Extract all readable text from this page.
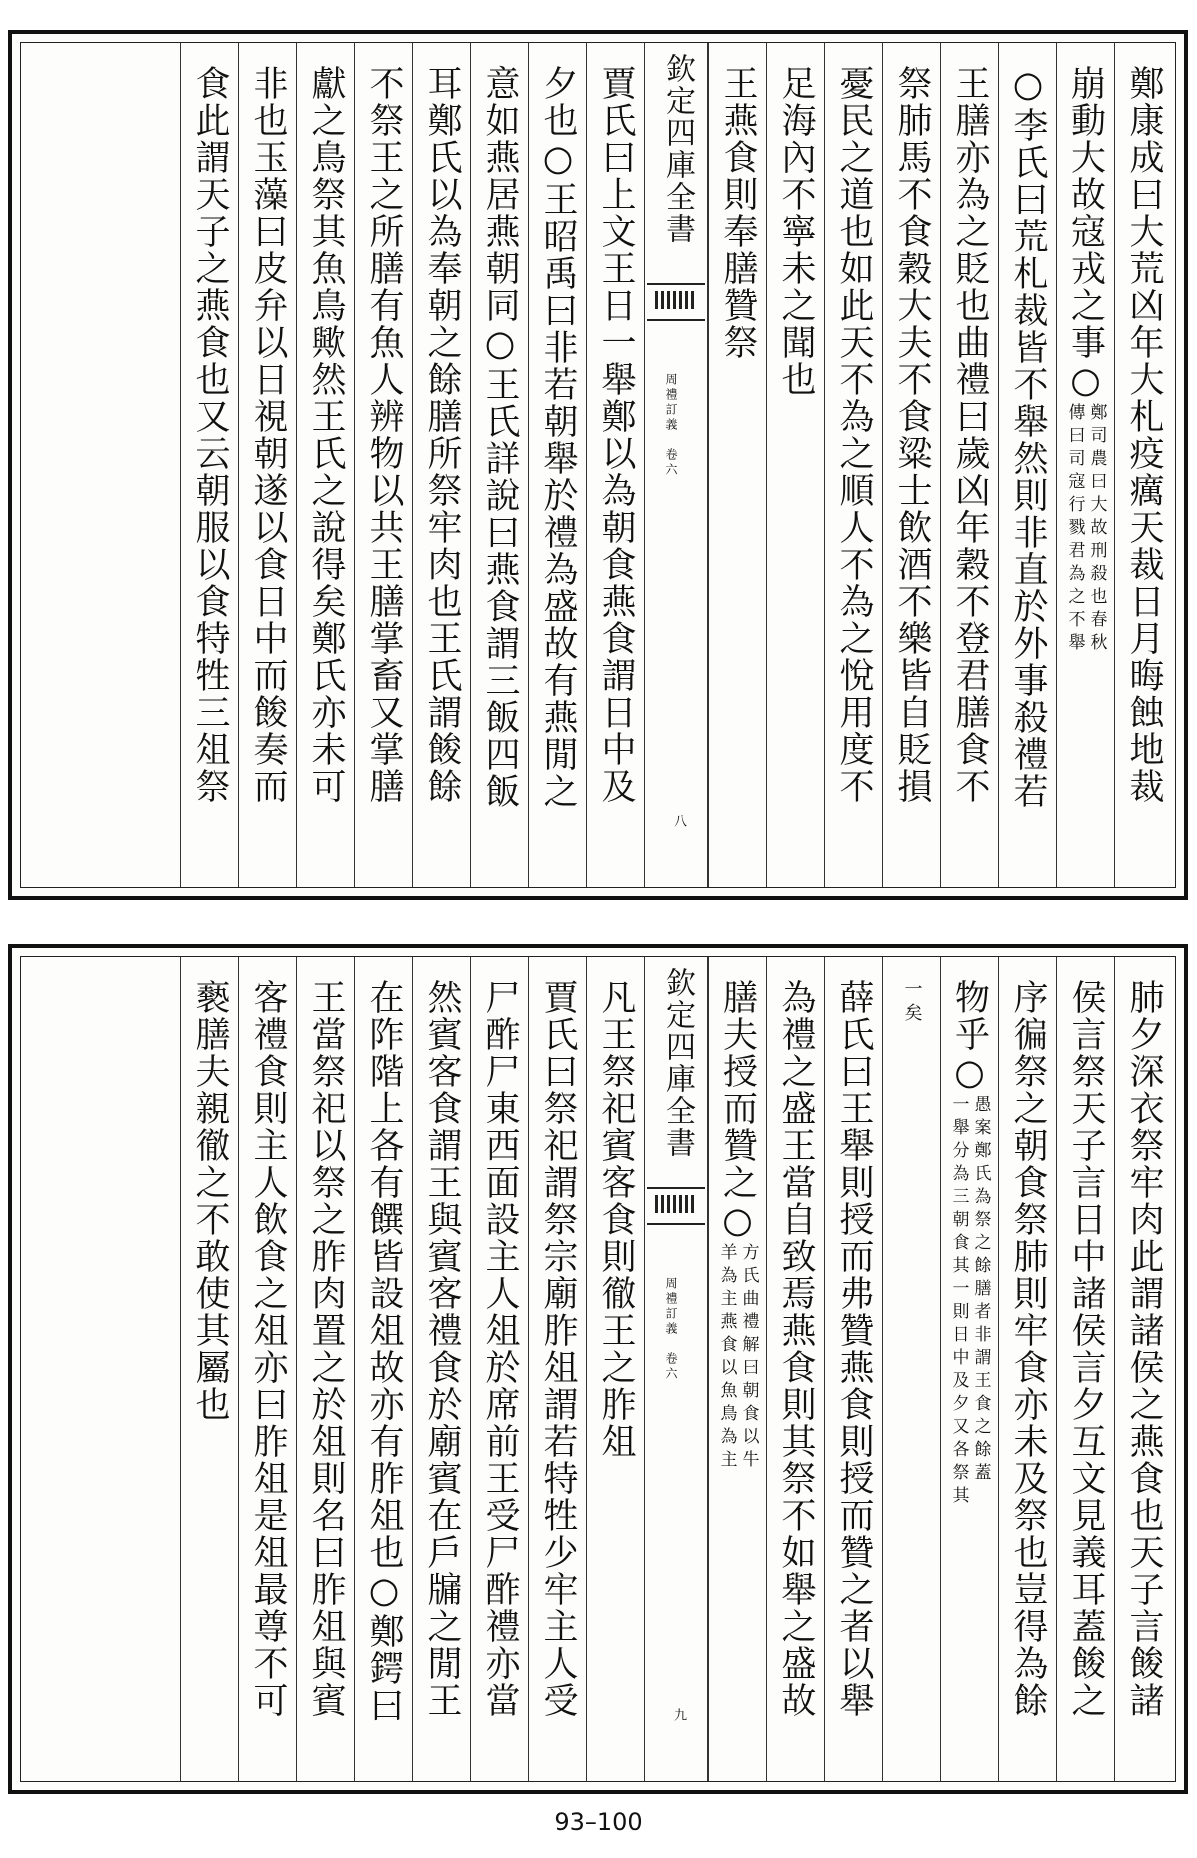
鄭康成曰大荒凶年大札疫癘天裁日月晦蝕地裁
崩動大故寇戎之事○
鄭司農曰大故刑殺也春秋
傳曰司寇行戮君為之不舉
○李氏曰荒札裁皆不舉然則非直於外事殺禮若
王膳亦為之貶也曲禮曰歲凶年穀不登君膳食不
祭肺馬不食穀大夫不食粱士飲酒不樂皆自貶損
憂民之道也如此天不為之順人不為之悅用度不
足海內不寧未之聞也
王燕食則奉膳贊祭
欽定四庫全書
周禮訂義　卷六
八
賈氏曰上文王日一舉鄭以為朝食燕食謂日中及
夕也○王昭禹曰非若朝舉於禮為盛故有燕閒之
意如燕居燕朝同○王氏詳說曰燕食謂三飯四飯
耳鄭氏以為奉朝之餘膳所祭牢肉也王氏謂餕餘
不祭王之所膳有魚人辨物以共王膳掌畜又掌膳
獻之鳥祭其魚鳥歟然王氏之說得矣鄭氏亦未可
非也玉藻曰皮弁以日視朝遂以食日中而餕奏而
食此謂天子之燕食也又云朝服以食特牲三俎祭
肺夕深衣祭牢肉此謂諸侯之燕食也天子言餕諸
侯言祭天子言日中諸侯言夕互文見義耳蓋餕之
序徧祭之朝食祭肺則牢食亦未及祭也豈得為餘
物乎○
愚案鄭氏為祭之餘膳者非謂王食之餘蓋
一舉分為三朝食其一則日中及夕又各祭其
一矣
薛氏曰王舉則授而弗贊燕食則授而贊之者以舉
為禮之盛王當自致焉燕食則其祭不如舉之盛故
膳夫授而贊之○
方氏曲禮解曰朝食以牛
羊為主燕食以魚鳥為主
欽定四庫全書
周禮訂義　卷六
九
凡王祭祀賓客食則徹王之胙俎
賈氏曰祭祀謂祭宗廟胙俎謂若特牲少牢主人受
尸酢尸東西面設主人俎於席前王受尸酢禮亦當
然賓客食謂王與賓客禮食於廟賓在戶牖之閒王
在阼階上各有饌皆設俎故亦有胙俎也○鄭鍔曰
王當祭祀以祭之胙肉置之於俎則名曰胙俎與賓
客禮食則主人飲食之俎亦曰胙俎是俎最尊不可
褻膳夫親徹之不敢使其屬也
93–100
